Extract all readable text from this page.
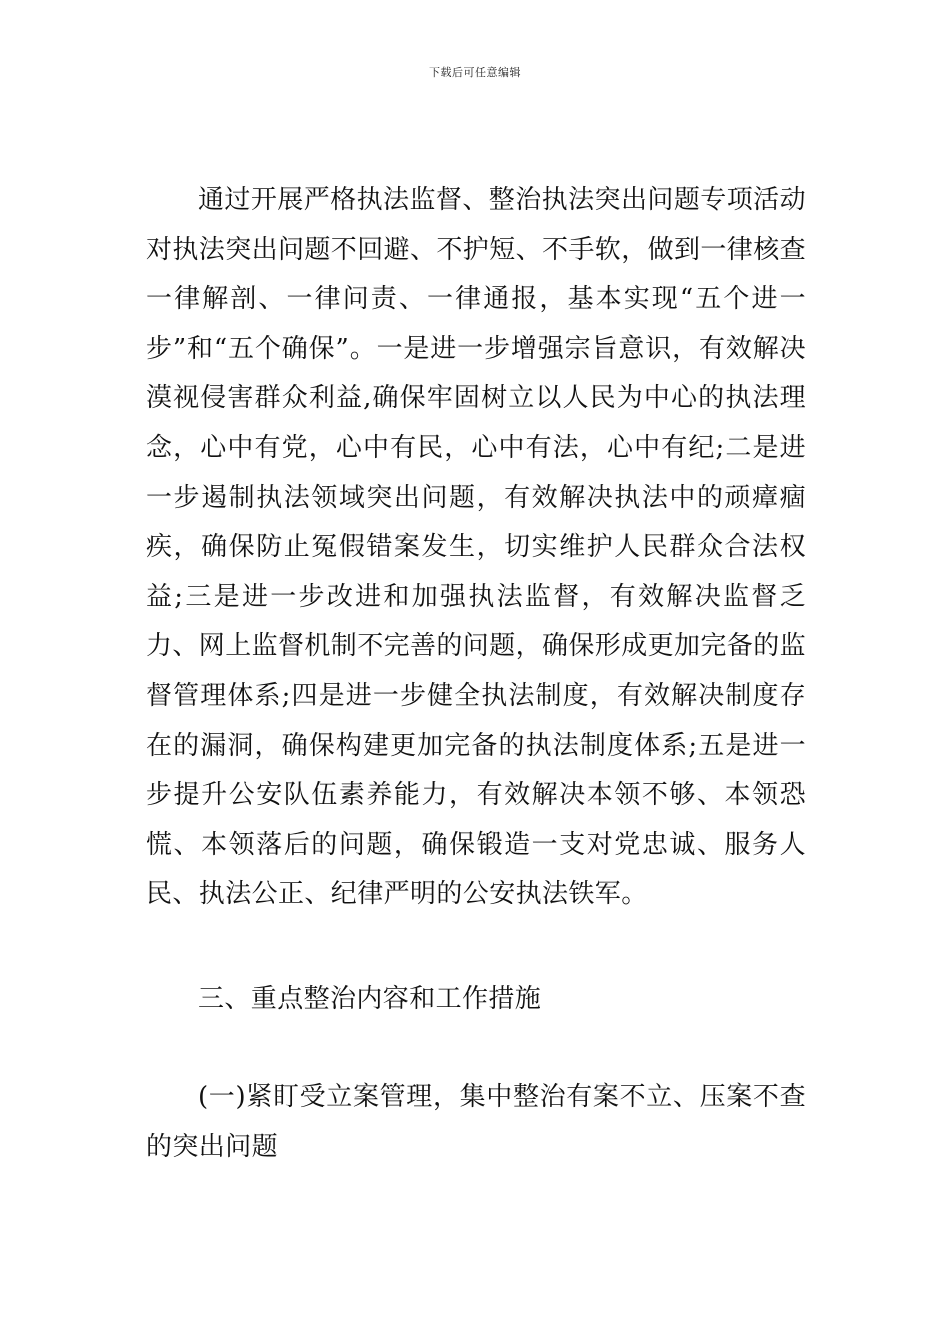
下载后可任意编辑

通过开展严格执法监督、整治执法突出问题专项活动对执法突出问题不回避、不护短、不手软，做到一律核查一律解剖、一律问责、一律通报，基本实现“五个进一步”和“五个确保”。一是进一步增强宗旨意识，有效解决漠视侵害群众利益,确保牢固树立以人民为中心的执法理念，心中有党，心中有民，心中有法，心中有纪;二是进一步遏制执法领域突出问题，有效解决执法中的顽瘴痼疾，确保防止冤假错案发生，切实维护人民群众合法权益;三是进一步改进和加强执法监督，有效解决监督乏力、网上监督机制不完善的问题，确保形成更加完备的监督管理体系;四是进一步健全执法制度，有效解决制度存在的漏洞，确保构建更加完备的执法制度体系;五是进一步提升公安队伍素养能力，有效解决本领不够、本领恐慌、本领落后的问题，确保锻造一支对党忠诚、服务人民、执法公正、纪律严明的公安执法铁军。

三、重点整治内容和工作措施

(一)紧盯受立案管理，集中整治有案不立、压案不查的突出问题
